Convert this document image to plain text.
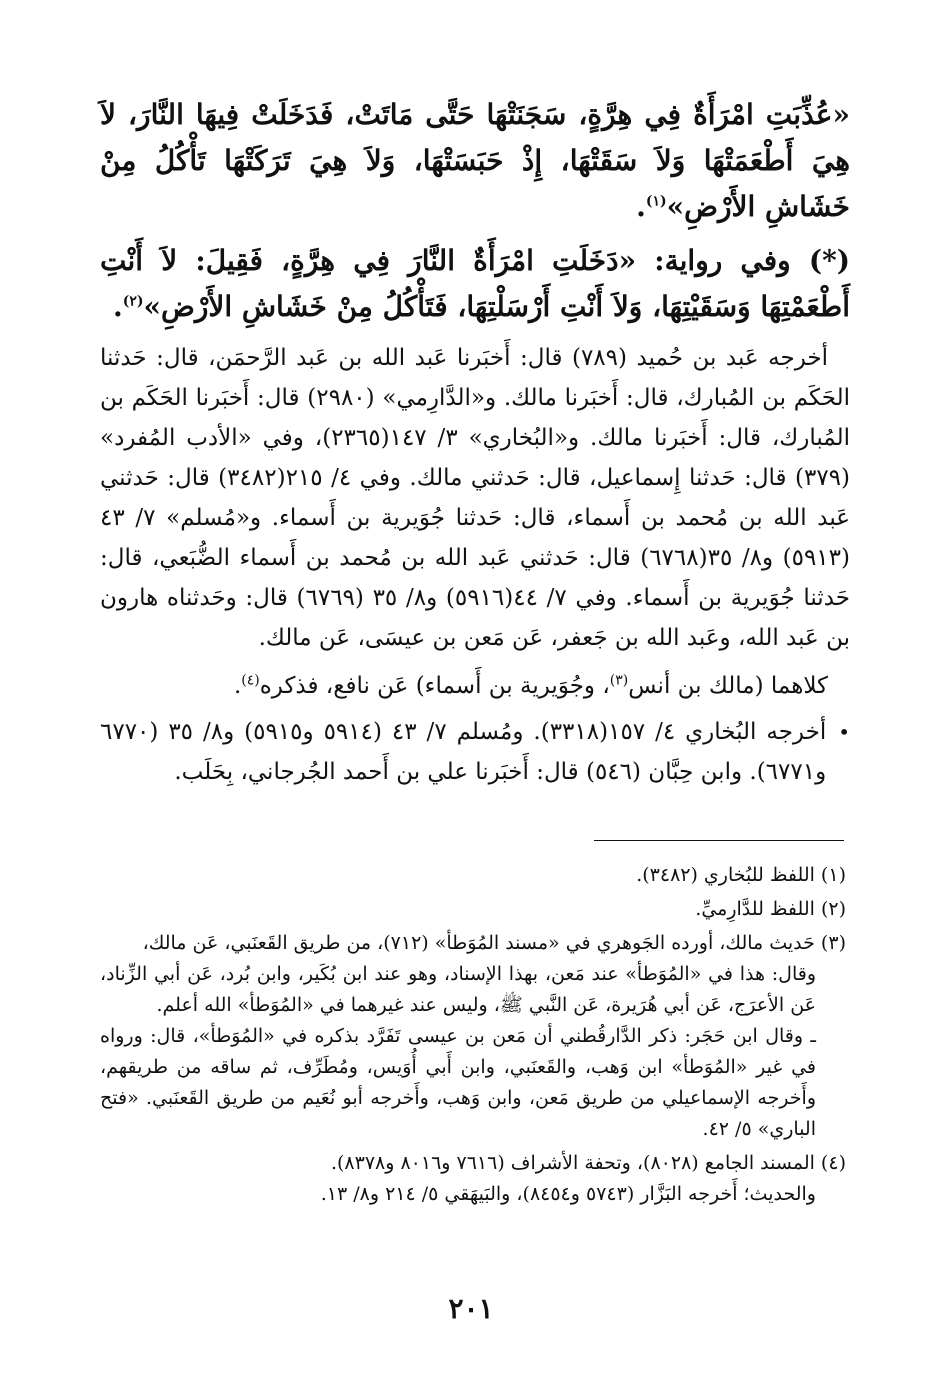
«عُذِّبَتِ امْرَأَةٌ فِي هِرَّةٍ، سَجَنَتْهَا حَتَّى مَاتَتْ، فَدَخَلَتْ فِيهَا النَّارَ، لاَ هِيَ أَطْعَمَتْهَا وَلاَ سَقَتْهَا، إِذْ حَبَسَتْهَا، وَلاَ هِيَ تَرَكَتْهَا تَأْكُلُ مِنْ خَشَاشِ الأَرْضِ»$^{(١)}$.

(*) وفي رواية: «دَخَلَتِ امْرَأَةٌ النَّارَ فِي هِرَّةٍ، فَقِيلَ: لاَ أَنْتِ أَطْعَمْتِهَا وَسَقَيْتِهَا، وَلاَ أَنْتِ أَرْسَلْتِهَا، فَتَأْكُلُ مِنْ خَشَاشِ الأَرْضِ»$^{(٢)}$.

أخرجه عَبد بن حُميد (٧٨٩) قال: أَخبَرنا عَبد الله بن عَبد الرَّحمَن، قال: حَدثنا الحَكَم بن المُبارك، قال: أَخبَرنا مالك. و«الدَّارِمي» (٢٩٨٠) قال: أَخبَرنا الحَكَم بن المُبارك، قال: أَخبَرنا مالك. و«البُخاري» ٣/ ١٤٧(٢٣٦٥)، وفي «الأدب المُفرد» (٣٧٩) قال: حَدثنا إِسماعيل، قال: حَدثني مالك. وفي ٤/ ٢١٥(٣٤٨٢) قال: حَدثني عَبد الله بن مُحمد بن أَسماء، قال: حَدثنا جُوَيرية بن أَسماء. و«مُسلم» ٧/ ٤٣ (٥٩١٣) و٨/ ٣٥(٦٧٦٨) قال: حَدثني عَبد الله بن مُحمد بن أَسماء الضُّبَعي، قال: حَدثنا جُوَيرية بن أَسماء. وفي ٧/ ٤٤(٥٩١٦) و٨/ ٣٥ (٦٧٦٩) قال: وحَدثناه هارون بن عَبد الله، وعَبد الله بن جَعفر، عَن مَعن بن عيسَى، عَن مالك.

كلاهما (مالك بن أنس$^{(٣)}$، وجُوَيرية بن أَسماء) عَن نافع، فذكره$^{(٤)}$.

•
أخرجه البُخاري ٤/ ١٥٧(٣٣١٨). ومُسلم ٧/ ٤٣ (٥٩١٤ و٥٩١٥) و٨/ ٣٥ (٦٧٧٠ و٦٧٧١). وابن حِبَّان (٥٤٦) قال: أَخبَرنا علي بن أَحمد الجُرجاني، بِحَلَب.

(١) اللفظ للبُخاري (٣٤٨٢).

(٢) اللفظ للدَّارِميِّ.

(٣) حَديث مالك، أورده الجَوهري في «مسند المُوَطأ» (٧١٢)، من طريق القَعنَبي، عَن مالك،
وقال: هذا في «المُوَطأ» عند مَعن، بهذا الإسناد، وهو عند ابن بُكَير، وابن بُرد، عَن أبي الزِّناد، عَن الأعرَج، عَن أبي هُرَيرة، عَن النَّبي ﷺ، وليس عند غيرهما في «المُوَطأ» الله أعلم.
ـ وقال ابن حَجَر: ذكر الدَّارقُطني أن مَعن بن عيسى تَفَرَّد بذكره في «المُوَطأ»، قال: ورواه في غير «المُوَطأ» ابن وَهب، والقَعنَبي، وابن أَبي أُوَيس، ومُطَرِّف، ثم ساقه من طريقهم، وأَخرجه الإسماعيلي من طريق مَعن، وابن وَهب، وأَخرجه أبو نُعَيم من طريق القَعنَبي. «فتح الباري» ٥/ ٤٢.

(٤) المسند الجامع (٨٠٢٨)، وتحفة الأشراف (٧٦١٦ و٨٠١٦ و٨٣٧٨).
والحديث؛ أَخرجه البَزَّار (٥٧٤٣ و٨٤٥٤)، والبَيهَقي ٥/ ٢١٤ و٨/ ١٣.

٢٠١
